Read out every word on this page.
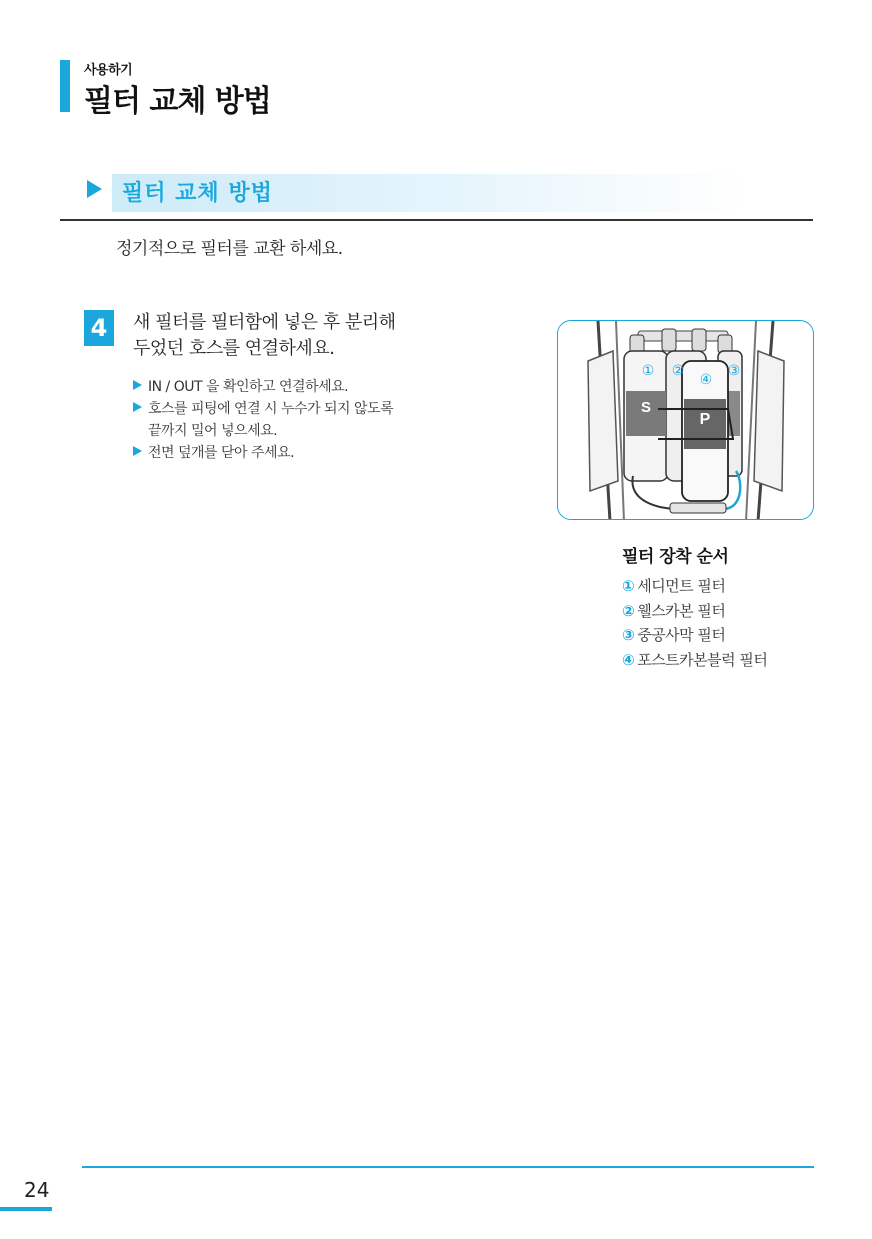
사용하기
필터 교체 방법
필터 교체 방법
정기적으로 필터를 교환 하세요.
4	새 필터를 필터함에 넣은 후 분리해
두었던 호스를 연결하세요.
IN / OUT 을 확인하고 연결하세요.
호스를 피팅에 연결 시 누수가 되지 않도록
끝까지 밀어 넣으세요.
전면 덮개를 닫아 주세요.
S
P
① ②
④
③
필터 장착 순서
① 세디먼트 필터
② 웰스카본 필터
③ 중공사막 필터
④ 포스트카본블럭 필터
24
